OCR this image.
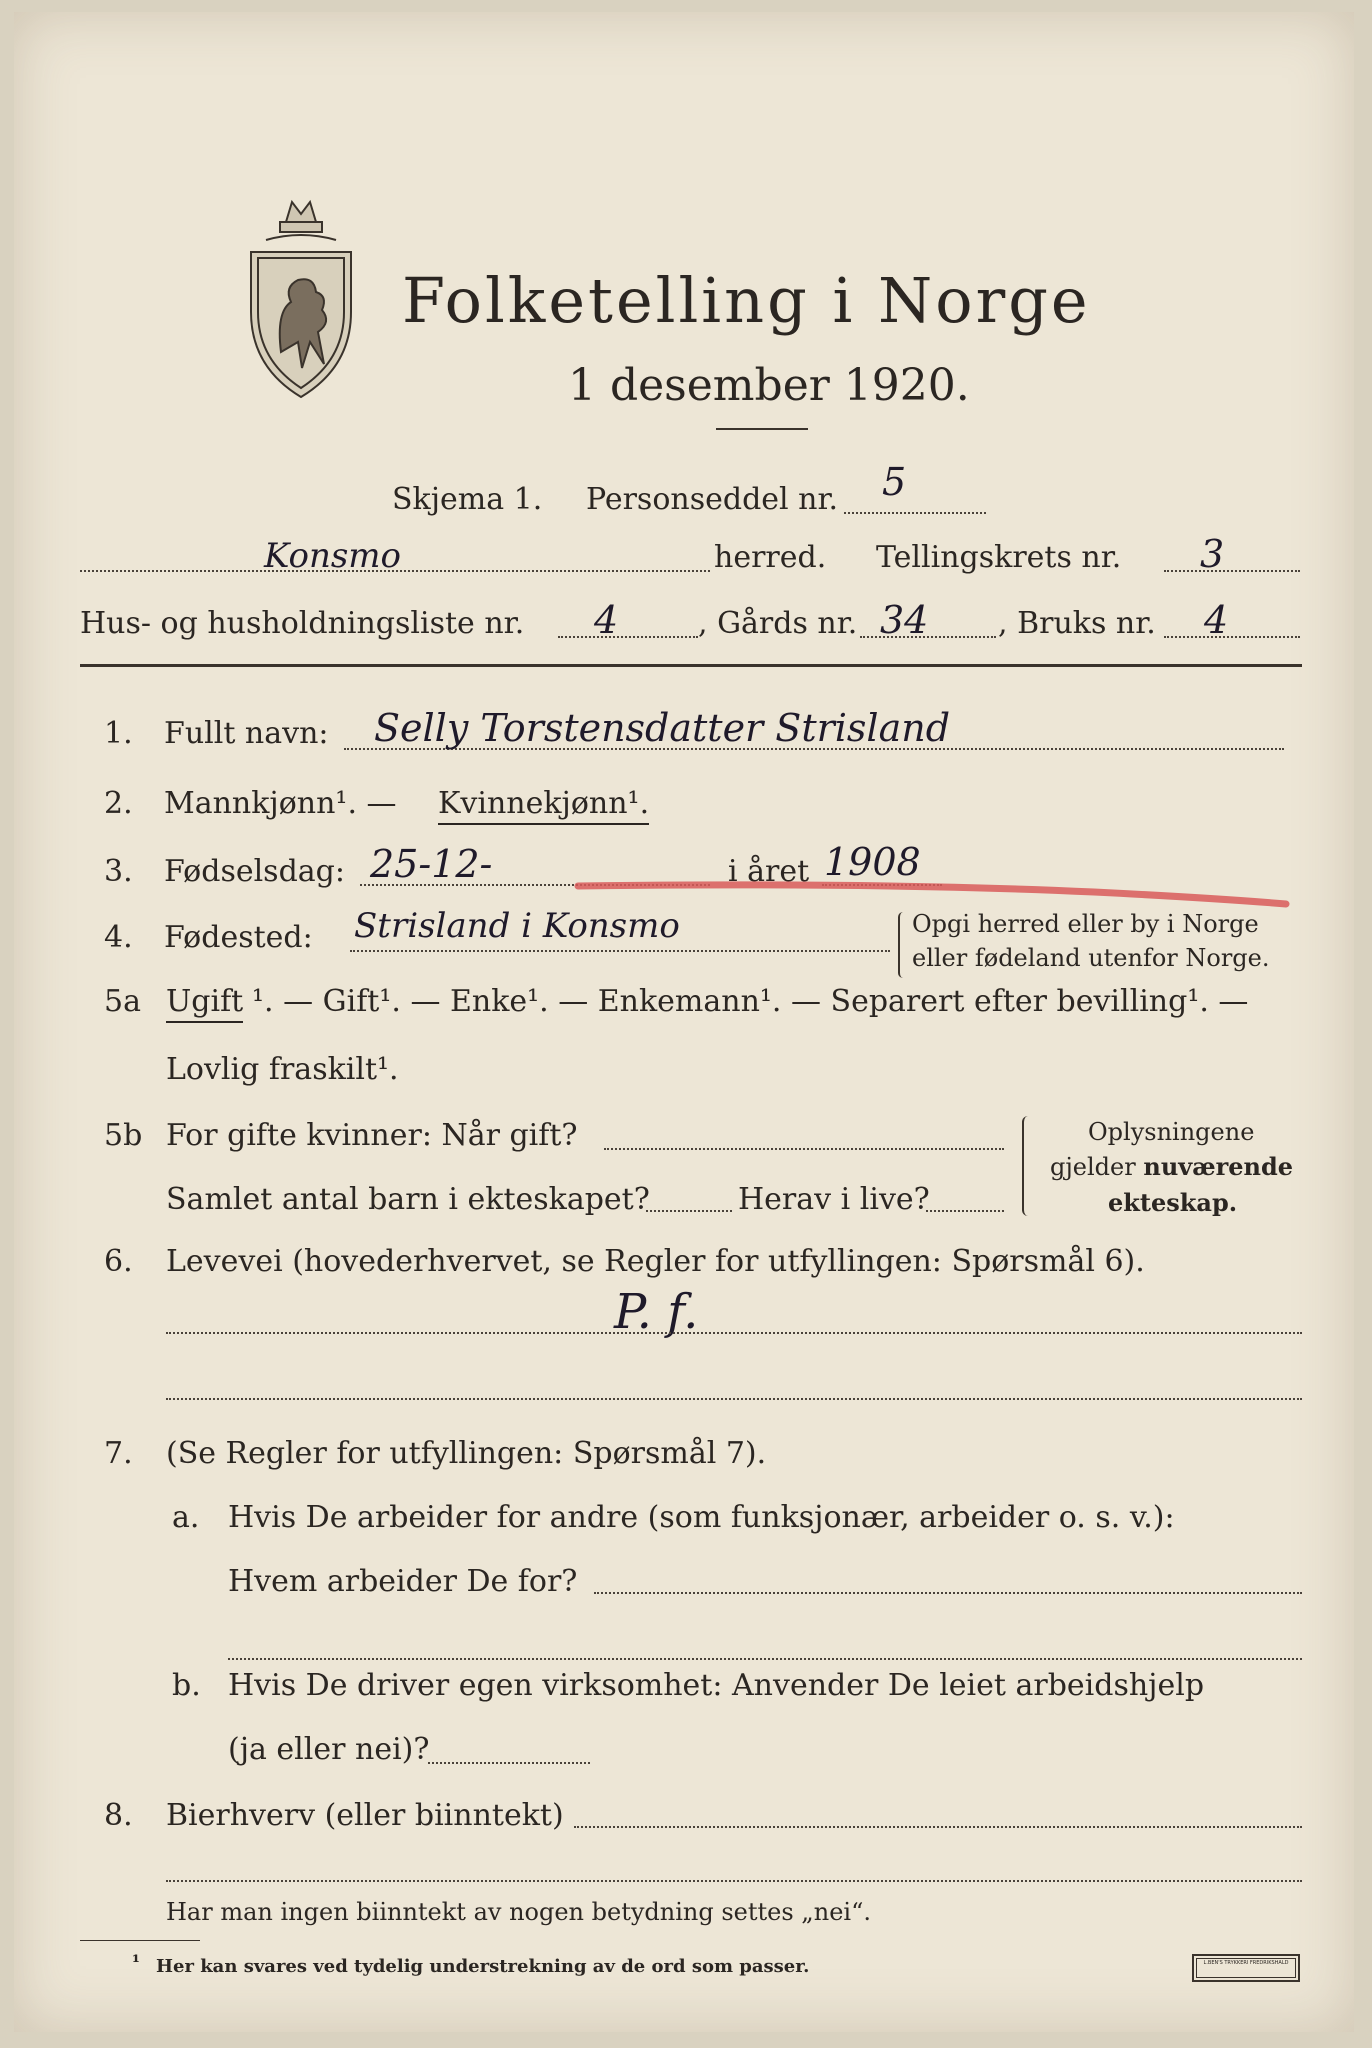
Folketelling i Norge
1 desember 1920.
Skjema 1. Personseddel nr. 5
Konsmo	herred. Tellingskrets nr. 3
Hus- og husholdningsliste nr. 4	, Gårds nr. 34 , Bruks nr. 4
1. Fullt navn: Selly Torstensdatter Strisland
2. Mannkjønn¹. — Kvinnekjønn¹.
3. Fødselsdag: 25-12-	i året 1908
4. Fødested: Strisland i Konsmo	Opgi herred eller by i Norge
eller fødeland utenfor Norge.
5a Ugift ¹. — Gift¹. — Enke¹. — Enkemann¹. — Separert efter bevilling¹. —
Lovlig fraskilt¹.
5b For gifte kvinner: Når gift?
Samlet antal barn i ekteskapet?	Herav i live?
Oplysningene
gjelder nuværende
ekteskap.
6. Levevei (hovederhvervet, se Regler for utfyllingen: Spørsmål 6).
P. f.
7. (Se Regler for utfyllingen: Spørsmål 7).
a. Hvis De arbeider for andre (som funksjonær, arbeider o. s. v.):
Hvem arbeider De for?
b. Hvis De driver egen virksomhet: Anvender De leiet arbeidshjelp
(ja eller nei)?
8. Bierhverv (eller biinntekt)
Har man ingen biinntekt av nogen betydning settes „nei“.
¹ Her kan svares ved tydelig understrekning av de ord som passer.	L.BEN'S TRYKKERI FREDRIKSHALD
